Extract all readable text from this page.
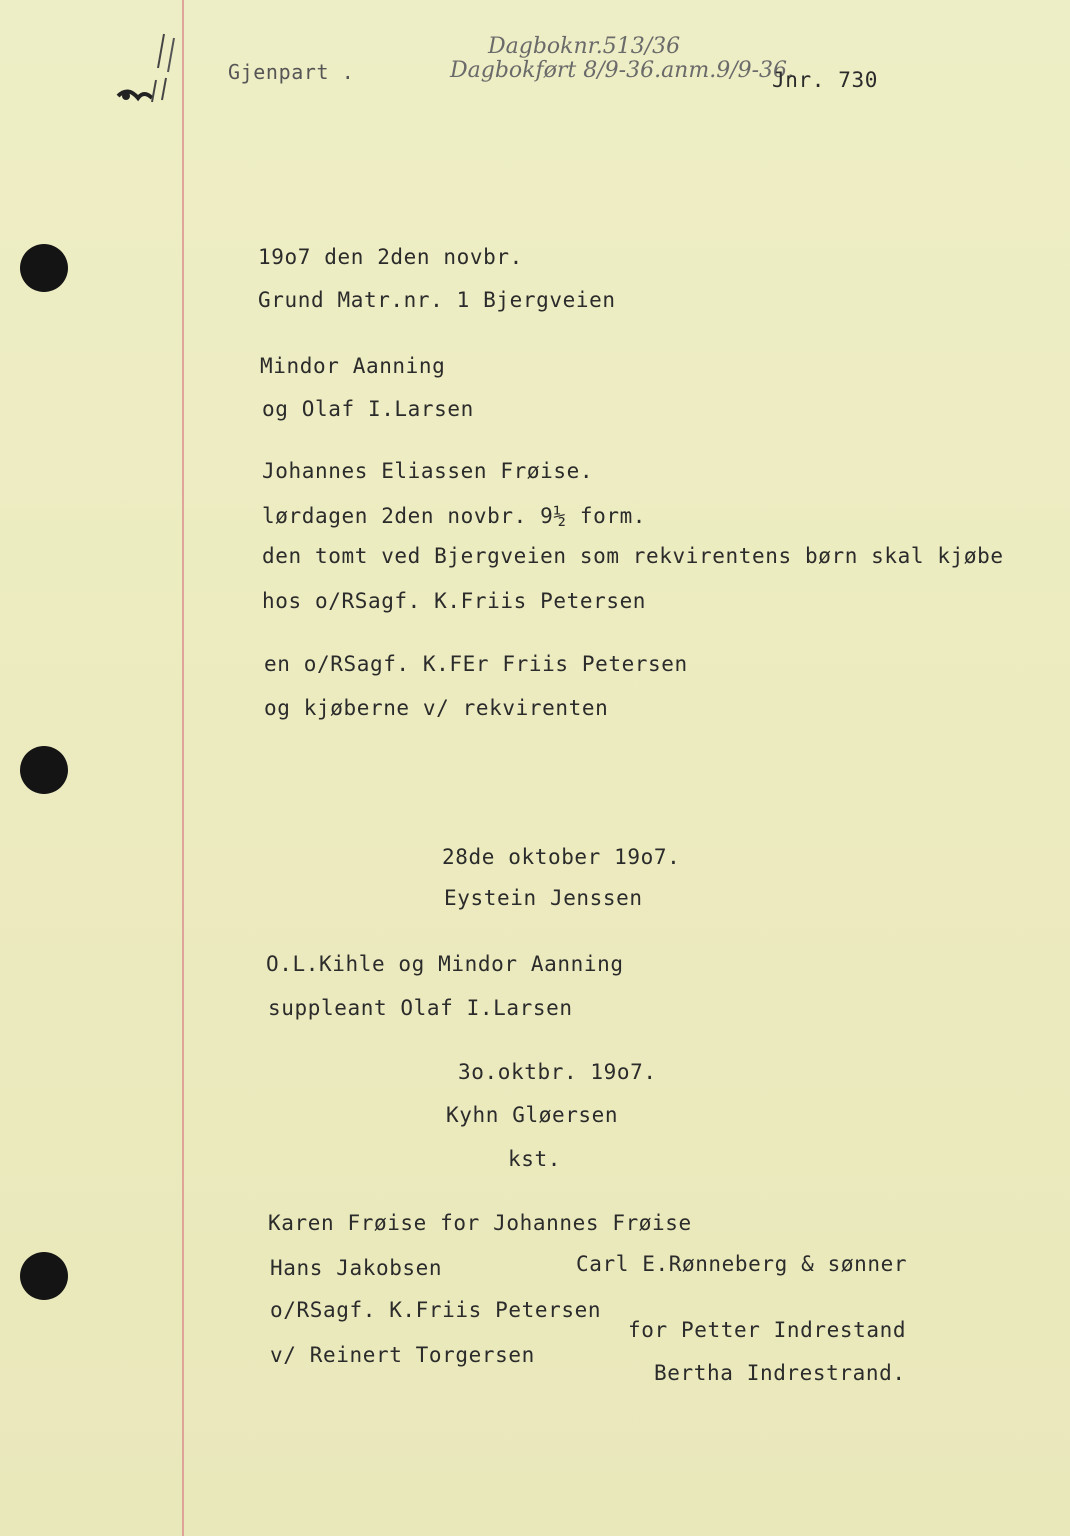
Gjenpart .
Dagboknr.513/36
Dagbokført 8/9-36.anm.9/9-36.
Jnr. 730
19o7 den 2den novbr.
Grund Matr.nr. 1 Bjergveien
Mindor Aanning
og Olaf I.Larsen
Johannes Eliassen Frøise.
lørdagen 2den novbr. 9½ form.
den tomt ved Bjergveien som rekvirentens børn skal kjøbe
hos o/RSagf. K.Friis Petersen
en o/RSagf. K.FEr Friis Petersen
og kjøberne v/ rekvirenten
28de oktober 19o7.
Eystein Jenssen
O.L.Kihle og Mindor Aanning
suppleant Olaf I.Larsen
3o.oktbr. 19o7.
Kyhn Gløersen
kst.
Karen Frøise for Johannes Frøise
Hans Jakobsen	Carl E.Rønneberg & sønner
o/RSagf. K.Friis Petersen
for Petter Indrestand
v/ Reinert Torgersen
Bertha Indrestrand.
